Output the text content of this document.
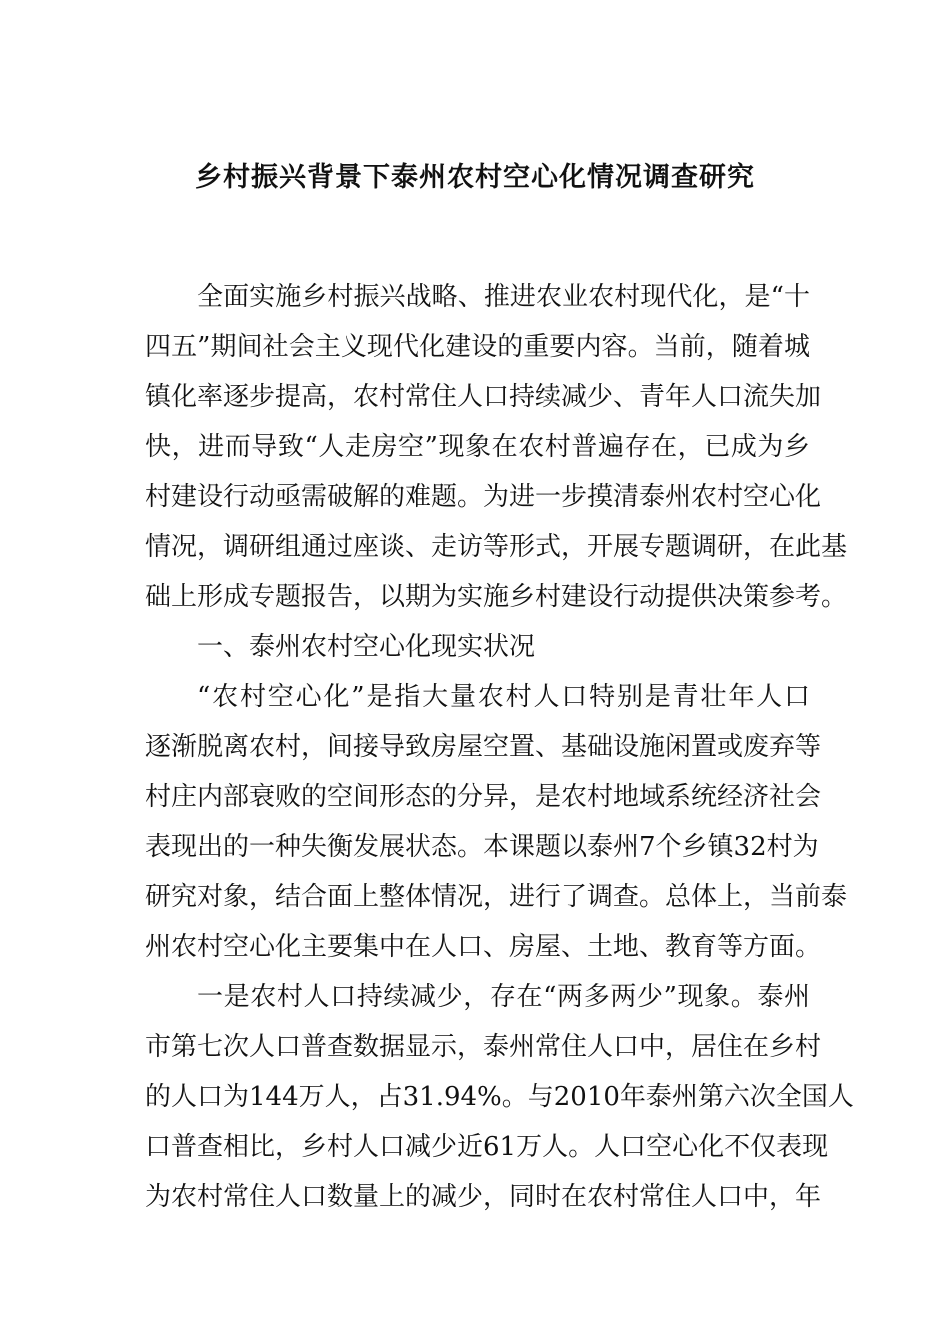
乡村振兴背景下泰州农村空心化情况调查研究
全面实施乡村振兴战略、推进农业农村现代化，是“十
四五”期间社会主义现代化建设的重要内容。当前，随着城
镇化率逐步提高，农村常住人口持续减少、青年人口流失加
快，进而导致“人走房空”现象在农村普遍存在，已成为乡
村建设行动亟需破解的难题。为进一步摸清泰州农村空心化
情况，调研组通过座谈、走访等形式，开展专题调研，在此基
础上形成专题报告，以期为实施乡村建设行动提供决策参考。
一、泰州农村空心化现实状况
“农村空心化”是指大量农村人口特别是青壮年人口
逐渐脱离农村，间接导致房屋空置、基础设施闲置或废弃等
村庄内部衰败的空间形态的分异，是农村地域系统经济社会
表现出的一种失衡发展状态。本课题以泰州7个乡镇32村为
研究对象，结合面上整体情况，进行了调查。总体上，当前泰
州农村空心化主要集中在人口、房屋、土地、教育等方面。
一是农村人口持续减少，存在“两多两少”现象。泰州
市第七次人口普查数据显示，泰州常住人口中，居住在乡村
的人口为144万人，占31.94%。与2010年泰州第六次全国人
口普查相比，乡村人口减少近61万人。人口空心化不仅表现
为农村常住人口数量上的减少，同时在农村常住人口中，年
